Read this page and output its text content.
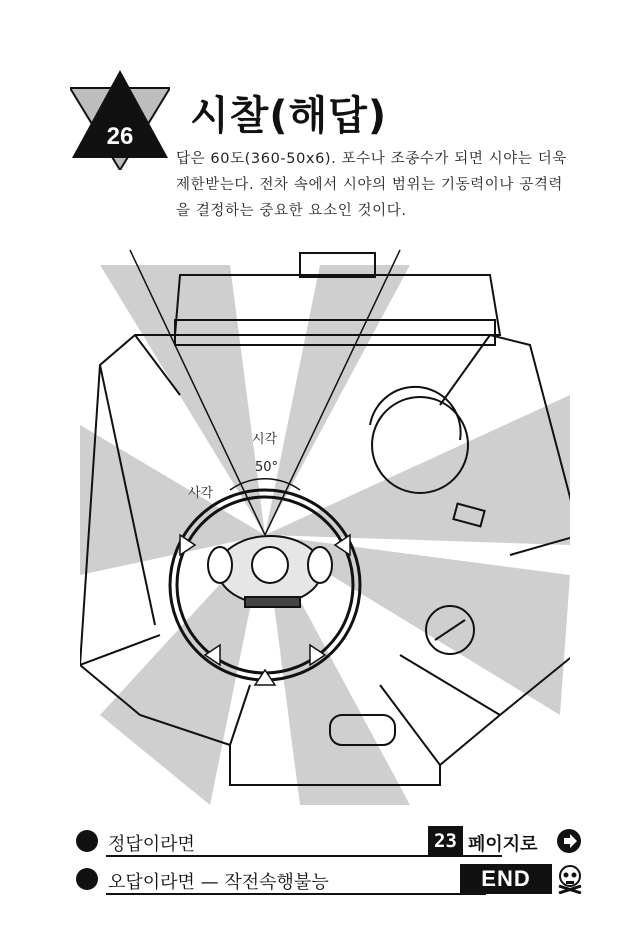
26 시찰(해답)

답은 60도(360-50x6). 포수나 조종수가 되면 시야는 더욱

제한받는다. 전차 속에서 시야의 범위는 기동력이나 공격력

을 결정하는 중요한 요소인 것이다.

시각
50°
사각
정답이라면	23 페이지로
오답이라면 — 작전속행불능	END
